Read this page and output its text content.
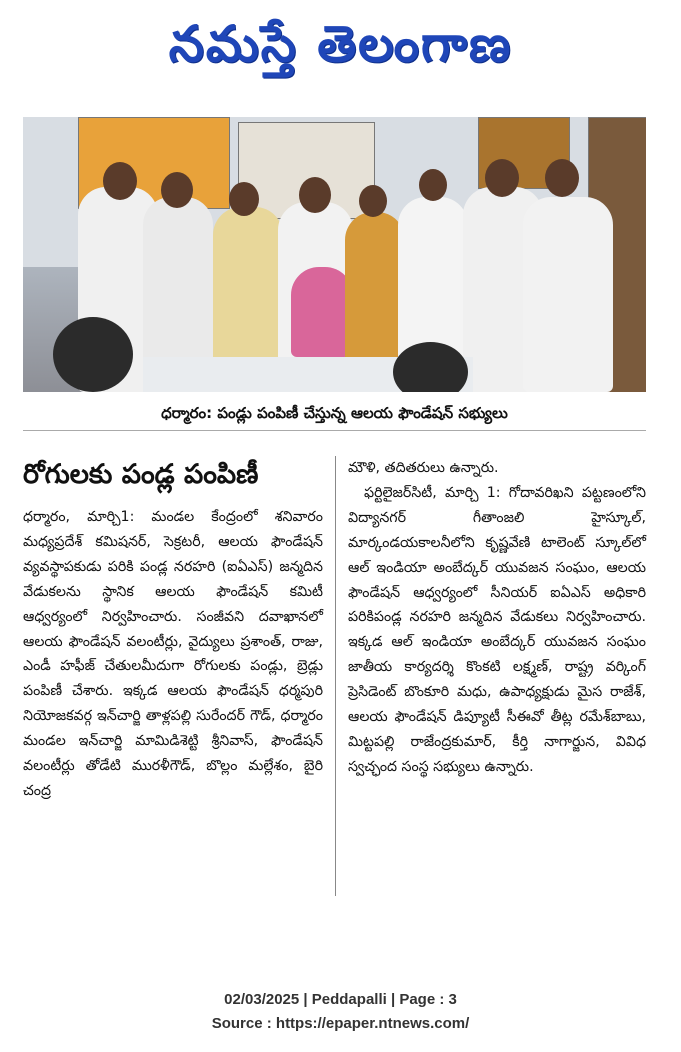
నమస్తే తెలంగాణ
ధర్మారం: పండ్లు పంపిణీ చేస్తున్న ఆలయ ఫౌండేషన్ సభ్యులు
రోగులకు పండ్ల పంపిణీ
ధర్మారం, మార్చి1: మండల కేంద్రంలో శనివారం మధ్యప్రదేశ్ కమిషనర్, సెక్రటరీ, ఆలయ ఫౌండేషన్ వ్యవస్థాపకుడు పరికి పండ్ల నరహరి (ఐఏఎస్) జన్మదిన వేడుకలను స్థానిక ఆలయ ఫౌండేషన్ కమిటీ ఆధ్వర్యంలో నిర్వహించారు. సంజీవని దవాఖానలో ఆలయ ఫౌండేషన్ వలంటీర్లు, వైద్యులు ప్రశాంత్, రాజు, ఎండీ హఫీజ్ చేతులమీదుగా రోగులకు పండ్లు, బ్రెడ్లు పంపిణీ చేశారు. ఇక్కడ ఆలయ ఫౌండేషన్ ధర్మపురి నియోజకవర్గ ఇన్‌చార్జి తాళ్లపల్లి సురేందర్ గౌడ్, ధర్మారం మండల ఇన్‌చార్జి మామిడిశెట్టి శ్రీనివాస్, ఫౌండేషన్ వలంటీర్లు తోడేటి మురళీగౌడ్, బొల్లం మల్లేశం, బైరి చంద్ర
మౌళి, తదితరులు ఉన్నారు.
ఫర్టిలైజర్‌సిటీ, మార్చి 1: గోదావరిఖని పట్టణంలోని విద్యానగర్ గీతాంజలి హైస్కూల్, మార్కండయకాలనీలోని కృష్ణవేణి టాలెంట్ స్కూల్‌లో ఆల్ ఇండియా అంబేద్కర్ యువజన సంఘం, ఆలయ ఫౌండేషన్ ఆధ్వర్యంలో సీనియర్ ఐఏఎస్ అధికారి పరికిపండ్ల నరహరి జన్మదిన వేడుకలు నిర్వహించారు. ఇక్కడ ఆల్ ఇండియా అంబేద్కర్ యువజన సంఘం జాతీయ కార్యదర్శి కొంకటి లక్ష్మణ్, రాష్ట్ర వర్కింగ్ ప్రెసిడెంట్ బొంకూరి మధు, ఉపాధ్యక్షుడు మైస రాజేశ్, ఆలయ ఫౌండేషన్ డిప్యూటీ సీఈవో తీట్ల రమేశ్‌బాబు, మిట్టపల్లి రాజేంద్రకుమార్, కీర్తి నాగార్జున, వివిధ స్వచ్ఛంద సంస్థ సభ్యులు ఉన్నారు.
02/03/2025 | Peddapalli | Page : 3
Source : https://epaper.ntnews.com/
